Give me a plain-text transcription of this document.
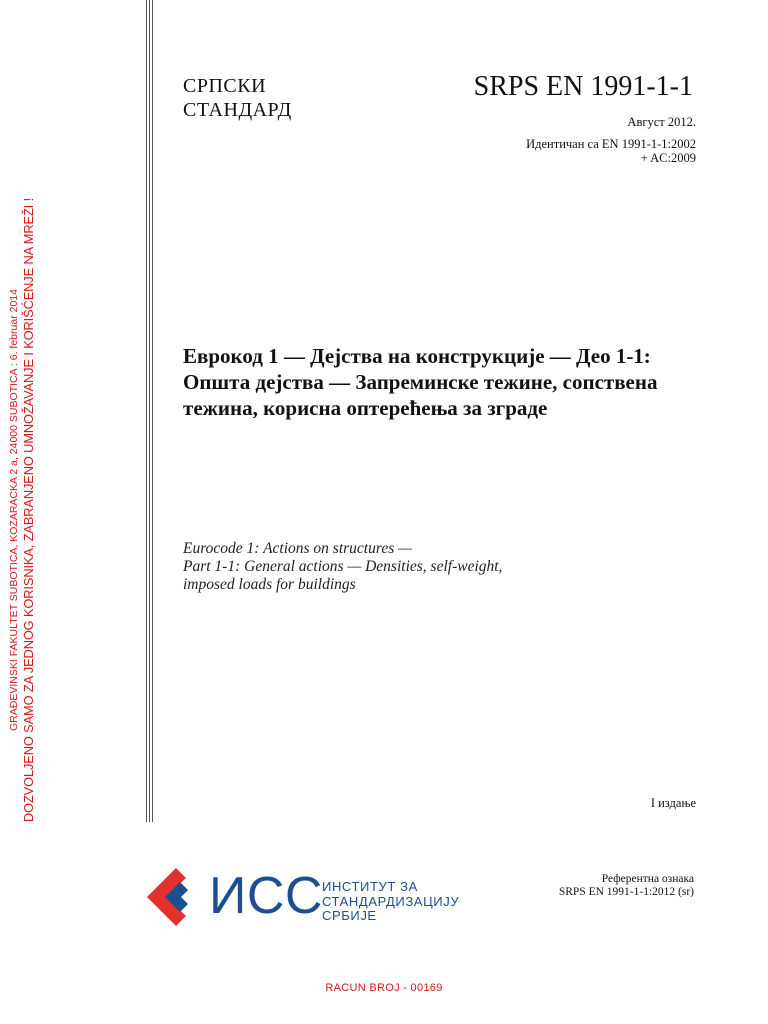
GRAĐEVINSKI FAKULTET SUBOTICA, KOZARACKA 2 a, 24000 SUBOTICA : 6. februar 2014 DOZVOLJENO SAMO ZA JEDNOG KORISNIKA, ZABRANJENO UMNOŽAVANJE I KORIŠĆENJE NA MREŽI !
СРПСКИ
СТАНДАРД
SRPS EN 1991-1-1
Август 2012.
Идентичан са EN 1991-1-1:2002
+ AC:2009
Еврокод 1 — Дејства на конструкције — Део 1-1: Општа дејства — Запреминске тежине, сопствена тежина, корисна оптерећења за зграде
Eurocode 1: Actions on structures —
Part 1-1: General actions — Densities, self-weight,
imposed loads for buildings
I издање
ИСС ИНСТИТУТ ЗА
СТАНДАРДИЗАЦИЈУ
СРБИЈЕ
Референтна ознака
SRPS EN 1991-1-1:2012 (sr)
RACUN BROJ - 00169
